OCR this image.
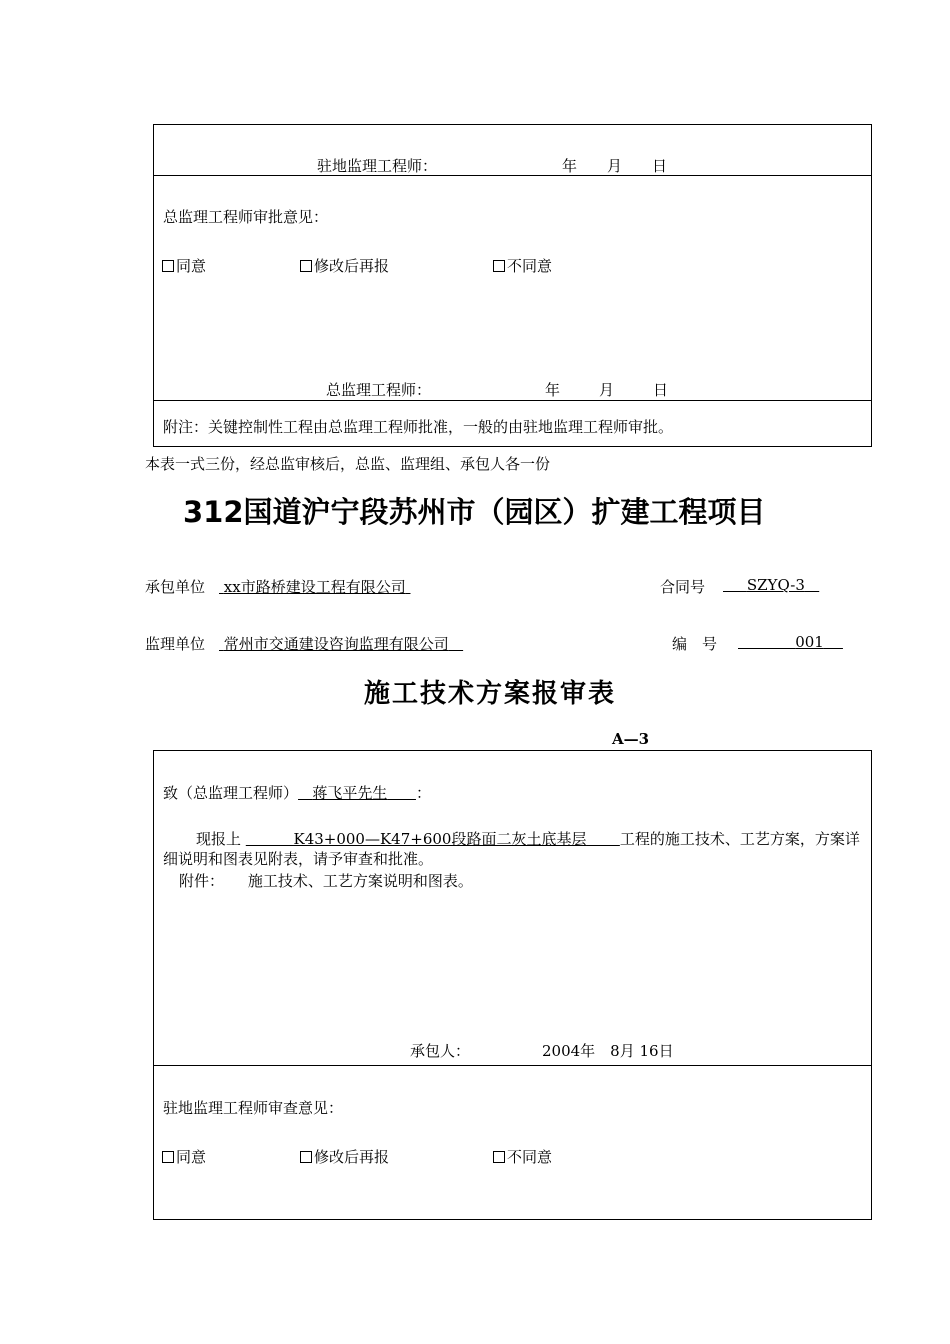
驻地监理工程师：	年　　月　　日
总监理工程师审批意见：
同意	修改后再报	不同意
总监理工程师：	年　　月　　日
附注：关键控制性工程由总监理工程师批准，一般的由驻地监理工程师审批。
本表一式三份，经总监审核后，总监、监理组、承包人各一份
312国道沪宁段苏州市（园区）扩建工程项目
承包单位	xx市路桥建设工程有限公司	合同号	SZYQ-3
监理单位	常州市交通建设咨询监理有限公司	编　号	001
施工技术方案报审表
A—3
致（总监理工程师） 蒋飞平先生 ：
现报上	K43+000—K47+600段路面二灰土底基层 工程的施工技术、工艺方案，方案详细说明和图表见附表，请予审查和批准。
附件： 施工技术、工艺方案说明和图表。
承包人：	2004年　8月 16日
驻地监理工程师审查意见：
同意	修改后再报	不同意
